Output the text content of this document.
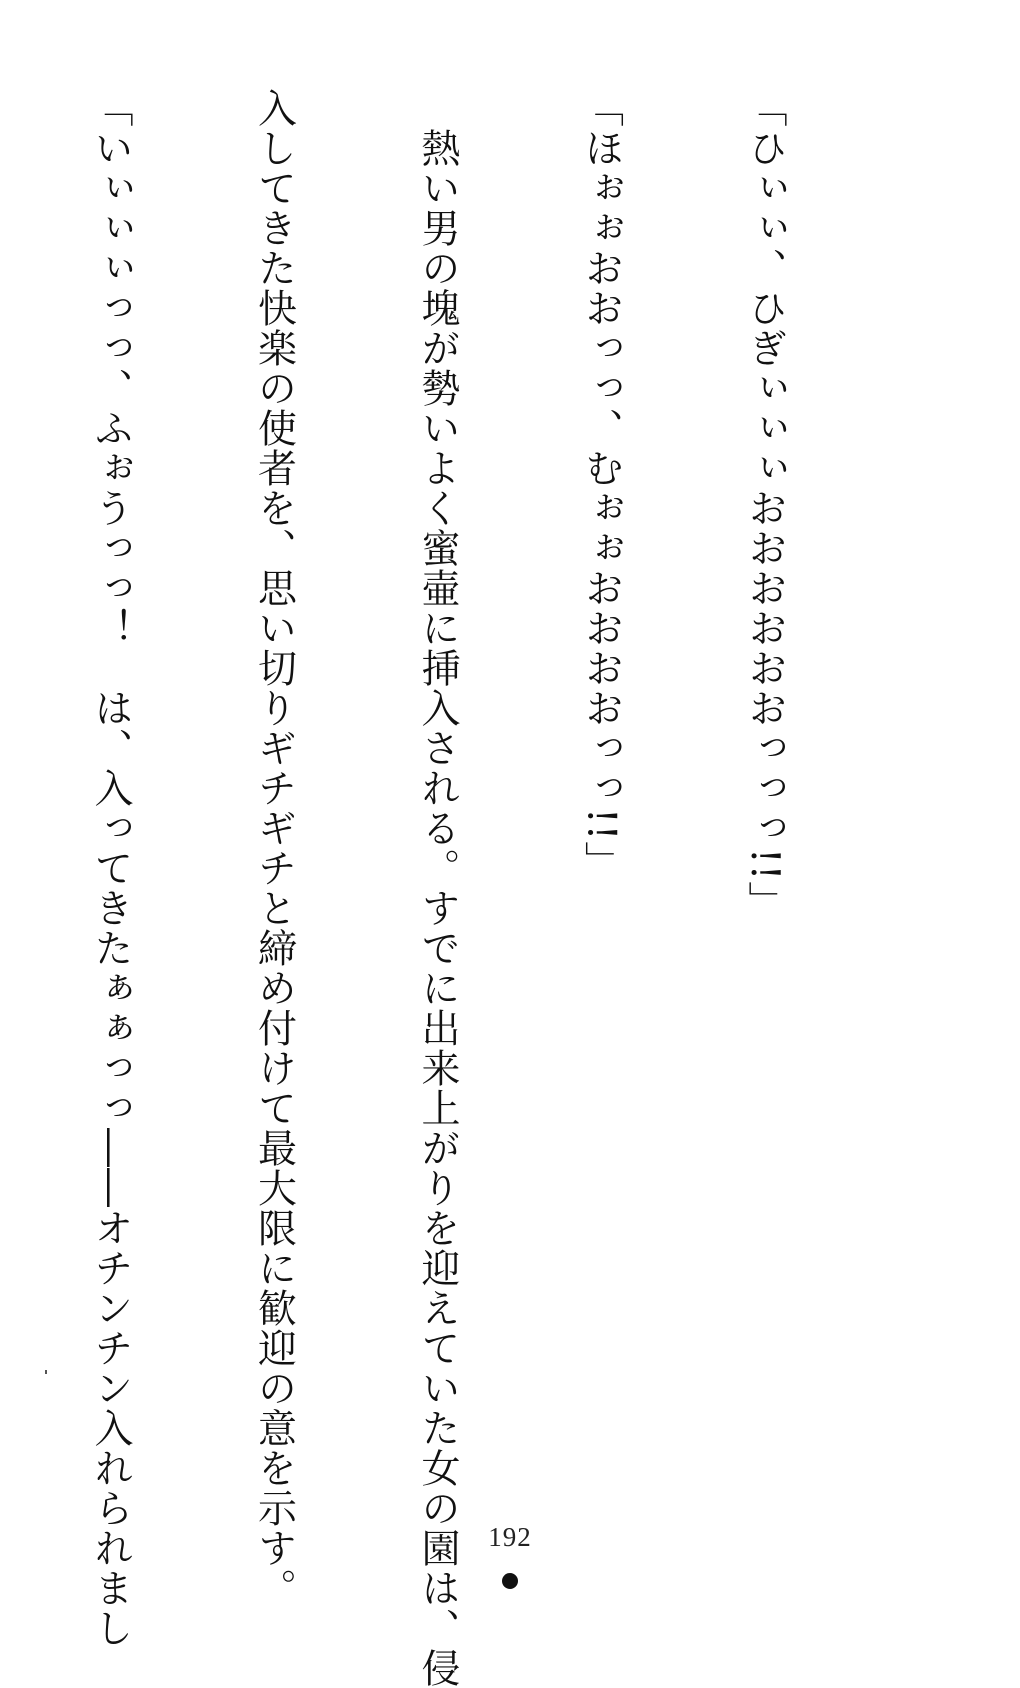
「ひぃぃ、ひぎぃぃぃおおおおおおっっっ!!」

「ほぉぉおおっっ、むぉぉおおおおっっ!!」

　熱い男の塊が勢いよく蜜壷に挿入される。すでに出来上がりを迎えていた女の園は、侵

入してきた快楽の使者を、思い切りギチギチと締め付けて最大限に歓迎の意を示す。

「いぃぃぃっっ、ふぉうっっ！　は、入ってきたぁぁっっ――オチンチン入れられまし

	192
